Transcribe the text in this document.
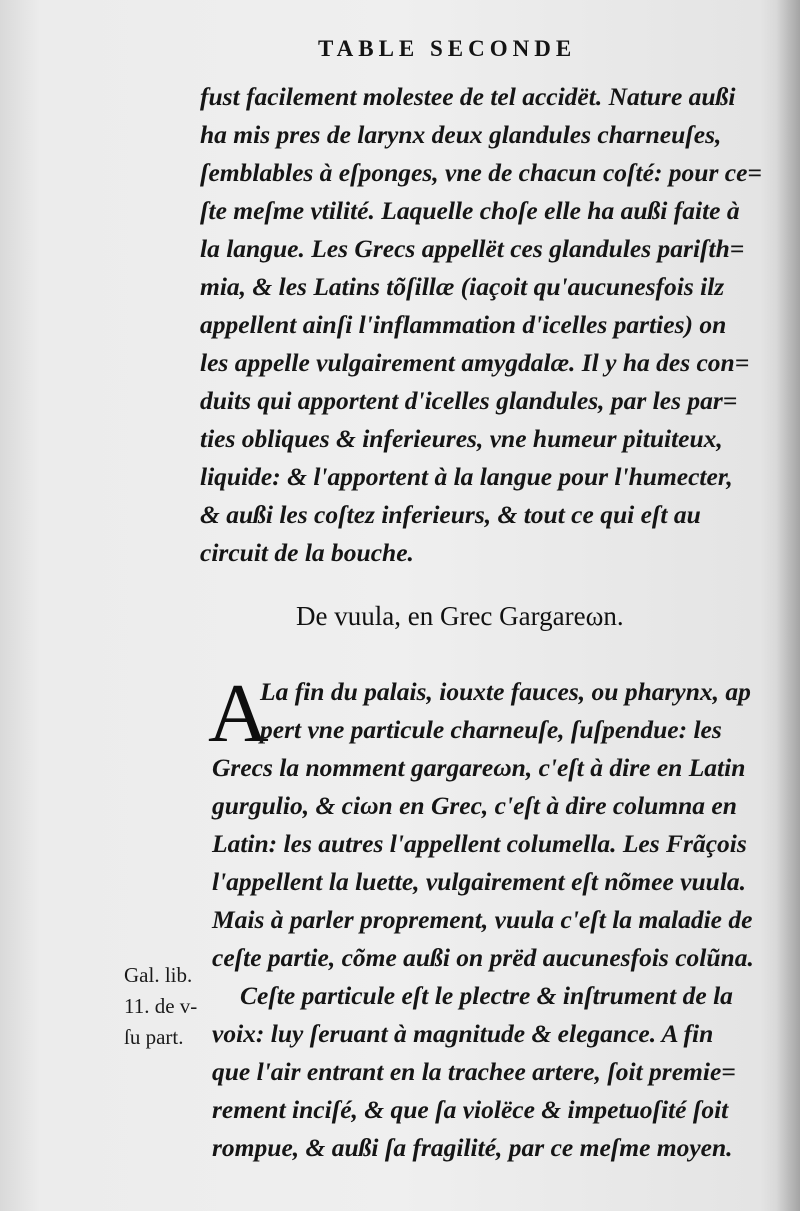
TABLE SECONDE
fust facilement molestee de tel accidët. Nature außi
ha mis pres de larynx deux glandules charneuſes,
ſemblables à eſponges, vne de chacun coſté: pour ce=
ſte meſme vtilité. Laquelle choſe elle ha außi faite à
la langue. Les Grecs appellët ces glandules pariſth=
mia, & les Latins tõſillæ (iaçoit qu'aucunesfois ilz
appellent ainſi l'inflammation d'icelles parties) on
les appelle vulgairement amygdalæ. Il y ha des con=
duits qui apportent d'icelles glandules, par les par=
ties obliques & inferieures, vne humeur pituiteux,
liquide: & l'apportent à la langue pour l'humecter,
& außi les coſtez inferieurs, & tout ce qui eſt au
circuit de la bouche.
De vuula, en Grec Gargareωn.
A
La fin du palais, iouxte fauces, ou pharynx, ap
pert vne particule charneuſe, ſuſpendue: les
Grecs la nomment gargareωn, c'eſt à dire en Latin
gurgulio, & ciωn en Grec, c'eſt à dire columna en
Latin: les autres l'appellent columella. Les Frãçois
l'appellent la luette, vulgairement eſt nõmee vuula.
Mais à parler proprement, vuula c'eſt la maladie de
ceſte partie, cõme außi on prëd aucunesfois colũna.
Ceſte particule eſt le plectre & inſtrument de la
voix: luy ſeruant à magnitude & elegance. A fin
que l'air entrant en la trachee artere, ſoit premie=
rement inciſé, & que ſa violëce & impetuoſité ſoit
rompue, & außi ſa fragilité, par ce meſme moyen.
Gal. lib.
11. de v-
ſu part.
